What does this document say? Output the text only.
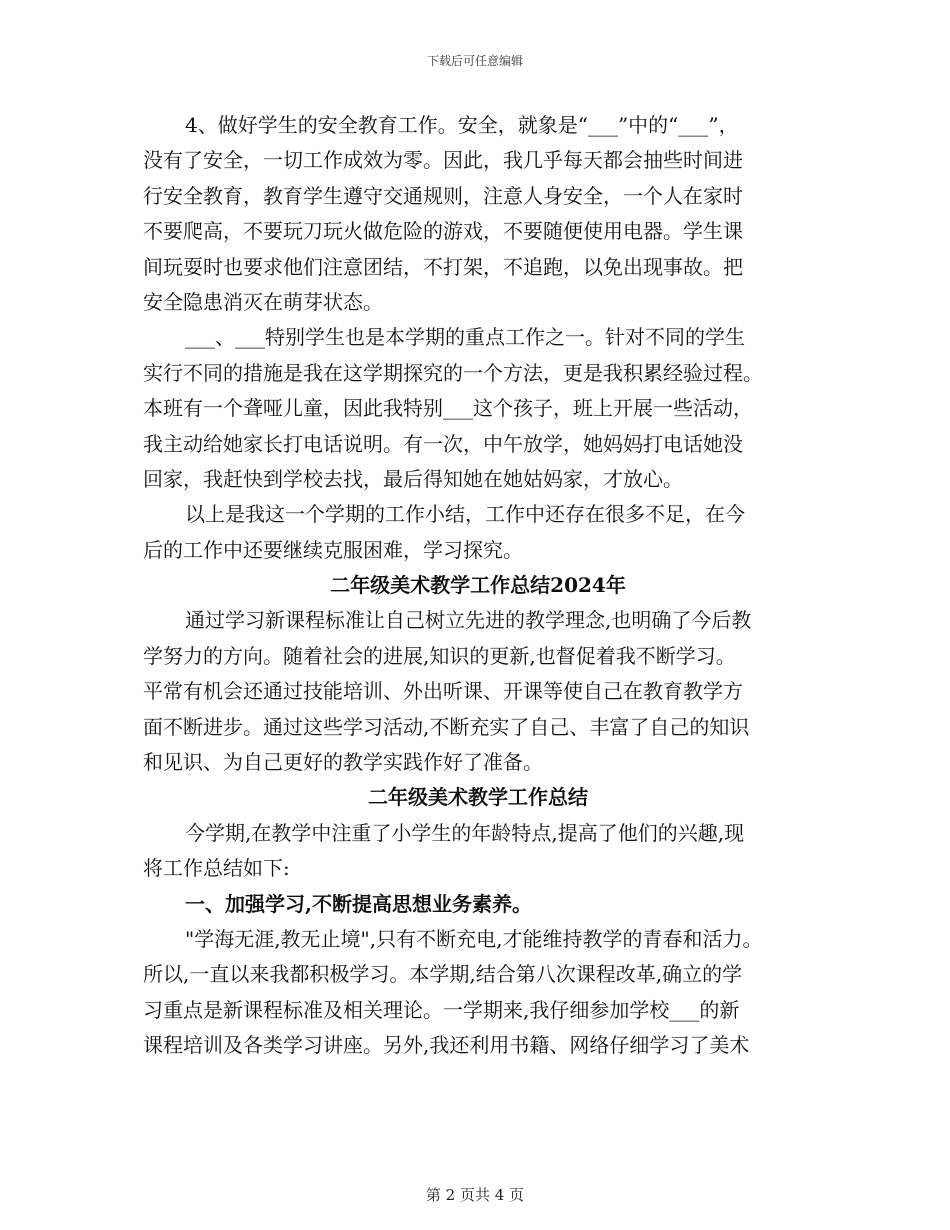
下载后可任意编辑
4、做好学生的安全教育工作。安全，就象是“___”中的“___”，
没有了安全，一切工作成效为零。因此，我几乎每天都会抽些时间进
行安全教育，教育学生遵守交通规则，注意人身安全，一个人在家时
不要爬高，不要玩刀玩火做危险的游戏，不要随便使用电器。学生课
间玩耍时也要求他们注意团结，不打架，不追跑，以免出现事故。把
安全隐患消灭在萌芽状态。
___、___特别学生也是本学期的重点工作之一。针对不同的学生
实行不同的措施是我在这学期探究的一个方法，更是我积累经验过程。
本班有一个聋哑儿童，因此我特别___这个孩子，班上开展一些活动，
我主动给她家长打电话说明。有一次，中午放学，她妈妈打电话她没
回家，我赶快到学校去找，最后得知她在她姑妈家，才放心。
以上是我这一个学期的工作小结，工作中还存在很多不足，在今
后的工作中还要继续克服困难，学习探究。
二年级美术教学工作总结2024年
通过学习新课程标准让自己树立先进的教学理念,也明确了今后教
学努力的方向。随着社会的进展,知识的更新,也督促着我不断学习。
平常有机会还通过技能培训、外出听课、开课等使自己在教育教学方
面不断进步。通过这些学习活动,不断充实了自己、丰富了自己的知识
和见识、为自己更好的教学实践作好了准备。
二年级美术教学工作总结
今学期,在教学中注重了小学生的年龄特点,提高了他们的兴趣,现
将工作总结如下:
一、加强学习,不断提高思想业务素养。
"学海无涯,教无止境",只有不断充电,才能维持教学的青春和活力。
所以,一直以来我都积极学习。本学期,结合第八次课程改革,确立的学
习重点是新课程标准及相关理论。一学期来,我仔细参加学校___的新
课程培训及各类学习讲座。另外,我还利用书籍、网络仔细学习了美术
第 2 页共 4 页
